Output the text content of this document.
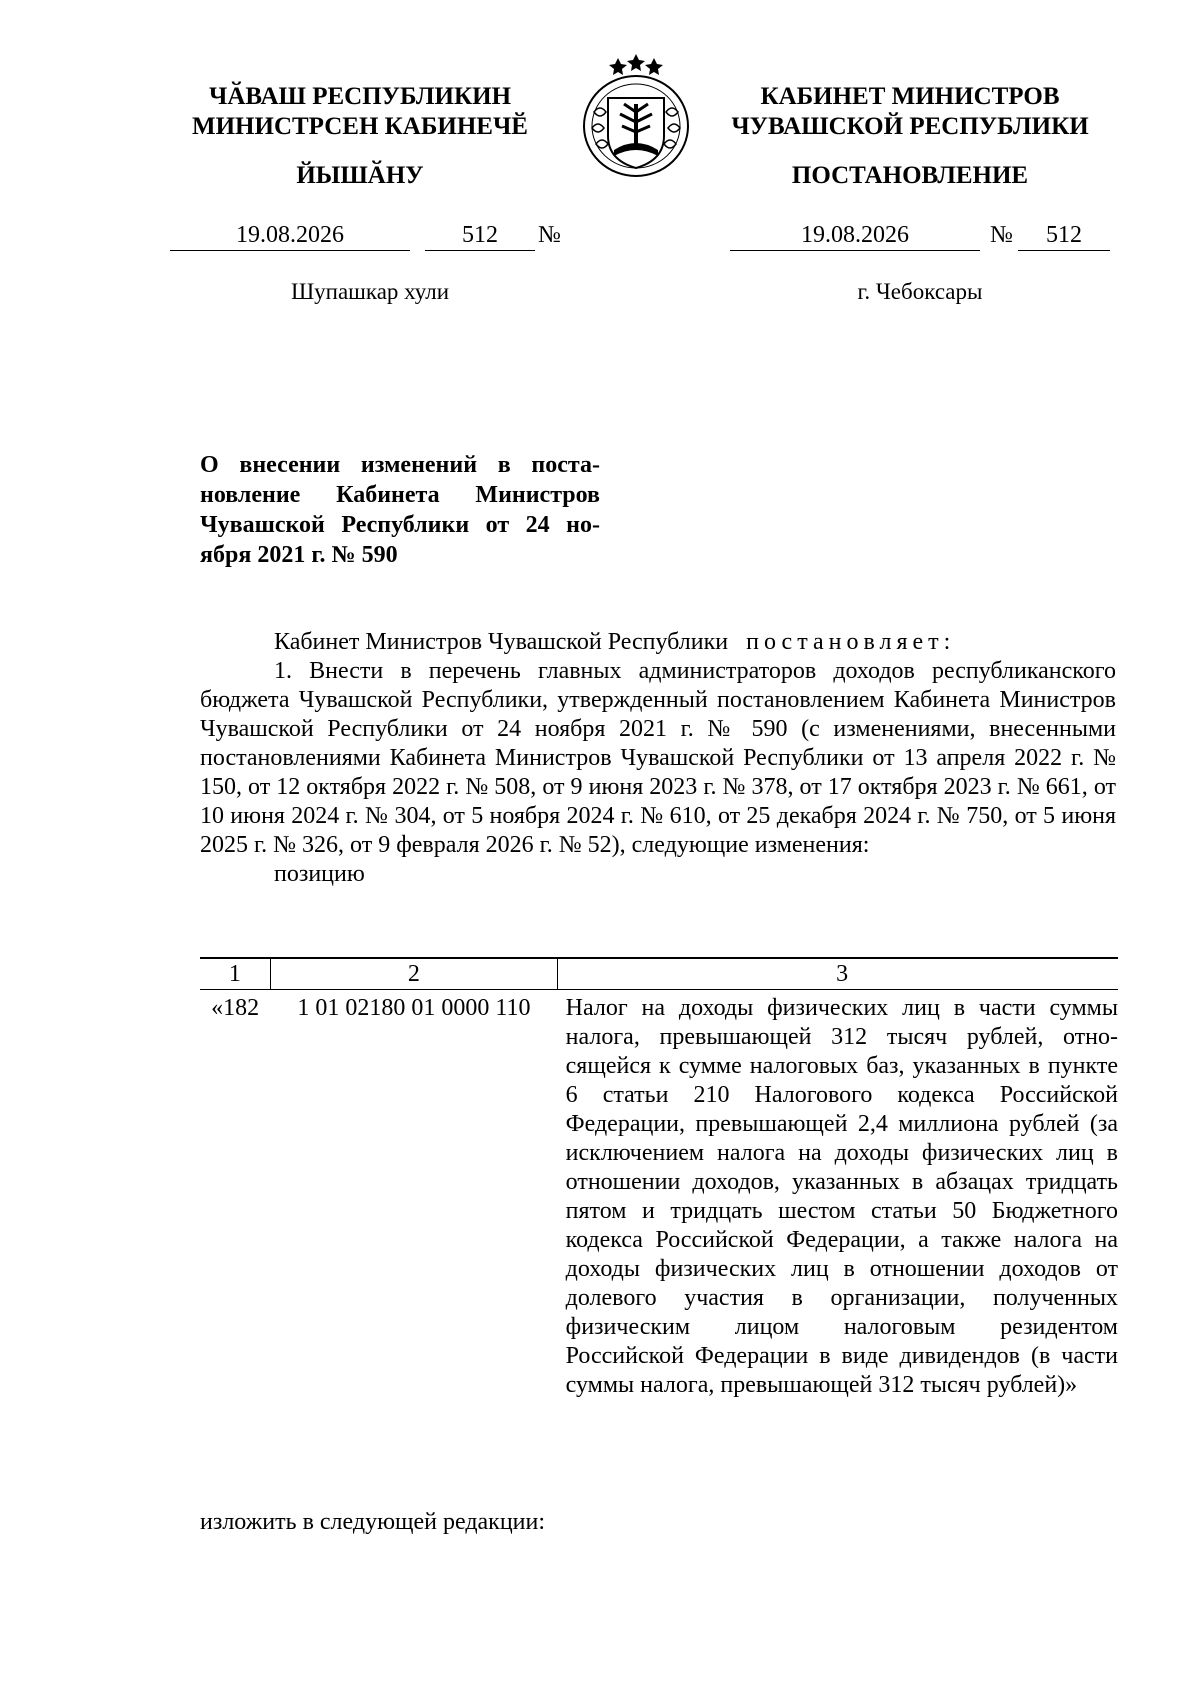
ЧӐВАШ РЕСПУБЛИКИН
МИНИСТРСЕН КАБИНЕЧӖ
ЙЫШӐНУ
КАБИНЕТ МИНИСТРОВ
ЧУВАШСКОЙ РЕСПУБЛИКИ
ПОСТАНОВЛЕНИЕ
19.08.2026	512	№	19.08.2026	№	512
Шупашкар хули	г. Чебоксары

О внесении изменений в постановление Кабинета Министров Чувашской Республики от 24 ноября 2021 г. № 590

Кабинет Министров Чувашской Республики постановляет:

1. Внести в перечень главных администраторов доходов республиканского бюджета Чувашской Республики, утвержденный постановлением Кабинета Министров Чувашской Республики от 24 ноября 2021 г. № 590 (с изменениями, внесенными постановлениями Кабинета Министров Чувашской Республики от 13 апреля 2022 г. № 150, от 12 октября 2022 г. № 508, от 9 июня 2023 г. № 378, от 17 октября 2023 г. № 661, от 10 июня 2024 г. № 304, от 5 ноября 2024 г. № 610, от 25 декабря 2024 г. № 750, от 5 июня 2025 г. № 326, от 9 февраля 2026 г. № 52), следующие изменения:

позицию

1	2	3
«182	1 01 02180 01 0000 110	Налог на доходы физических лиц в части суммы налога, превышающей 312 тысяч рублей, относящейся к сумме налоговых баз, указанных в пункте 6 статьи 210 Налогового кодекса Российской Федерации, превышающей 2,4 миллиона рублей (за исключением налога на доходы физических лиц в отношении доходов, указанных в абзацах тридцать пятом и тридцать шестом статьи 50 Бюджетного кодекса Российской Федерации, а также налога на доходы физических лиц в отношении доходов от долевого участия в организации, полученных физическим лицом налоговым резидентом Российской Федерации в виде дивидендов (в части суммы налога, превышающей 312 тысяч рублей)»
изложить в следующей редакции:
